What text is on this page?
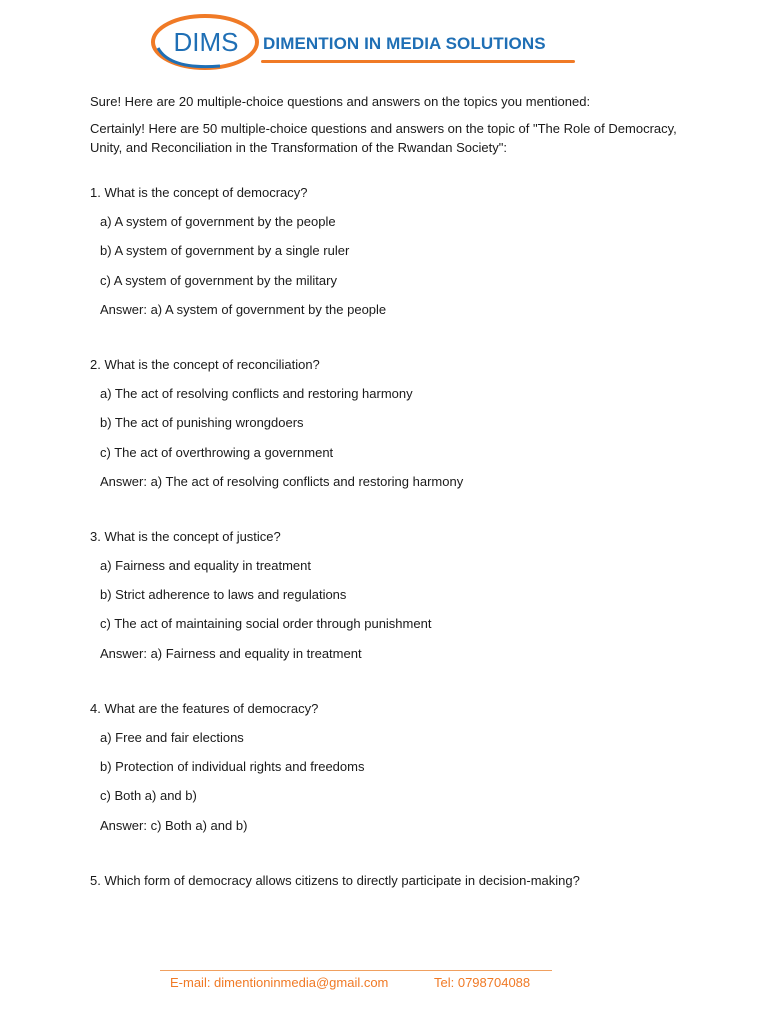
DIMS DIMENTION IN MEDIA SOLUTIONS
Sure! Here are 20 multiple-choice questions and answers on the topics you mentioned:
Certainly! Here are 50 multiple-choice questions and answers on the topic of "The Role of Democracy,
Unity, and Reconciliation in the Transformation of the Rwandan Society":
1. What is the concept of democracy?
a) A system of government by the people
b) A system of government by a single ruler
c) A system of government by the military
Answer: a) A system of government by the people
2. What is the concept of reconciliation?
a) The act of resolving conflicts and restoring harmony
b) The act of punishing wrongdoers
c) The act of overthrowing a government
Answer: a) The act of resolving conflicts and restoring harmony
3. What is the concept of justice?
a) Fairness and equality in treatment
b) Strict adherence to laws and regulations
c) The act of maintaining social order through punishment
Answer: a) Fairness and equality in treatment
4. What are the features of democracy?
a) Free and fair elections
b) Protection of individual rights and freedoms
c) Both a) and b)
Answer: c) Both a) and b)
5. Which form of democracy allows citizens to directly participate in decision-making?
E-mail: dimentioninmedia@gmail.com	Tel: 0798704088
